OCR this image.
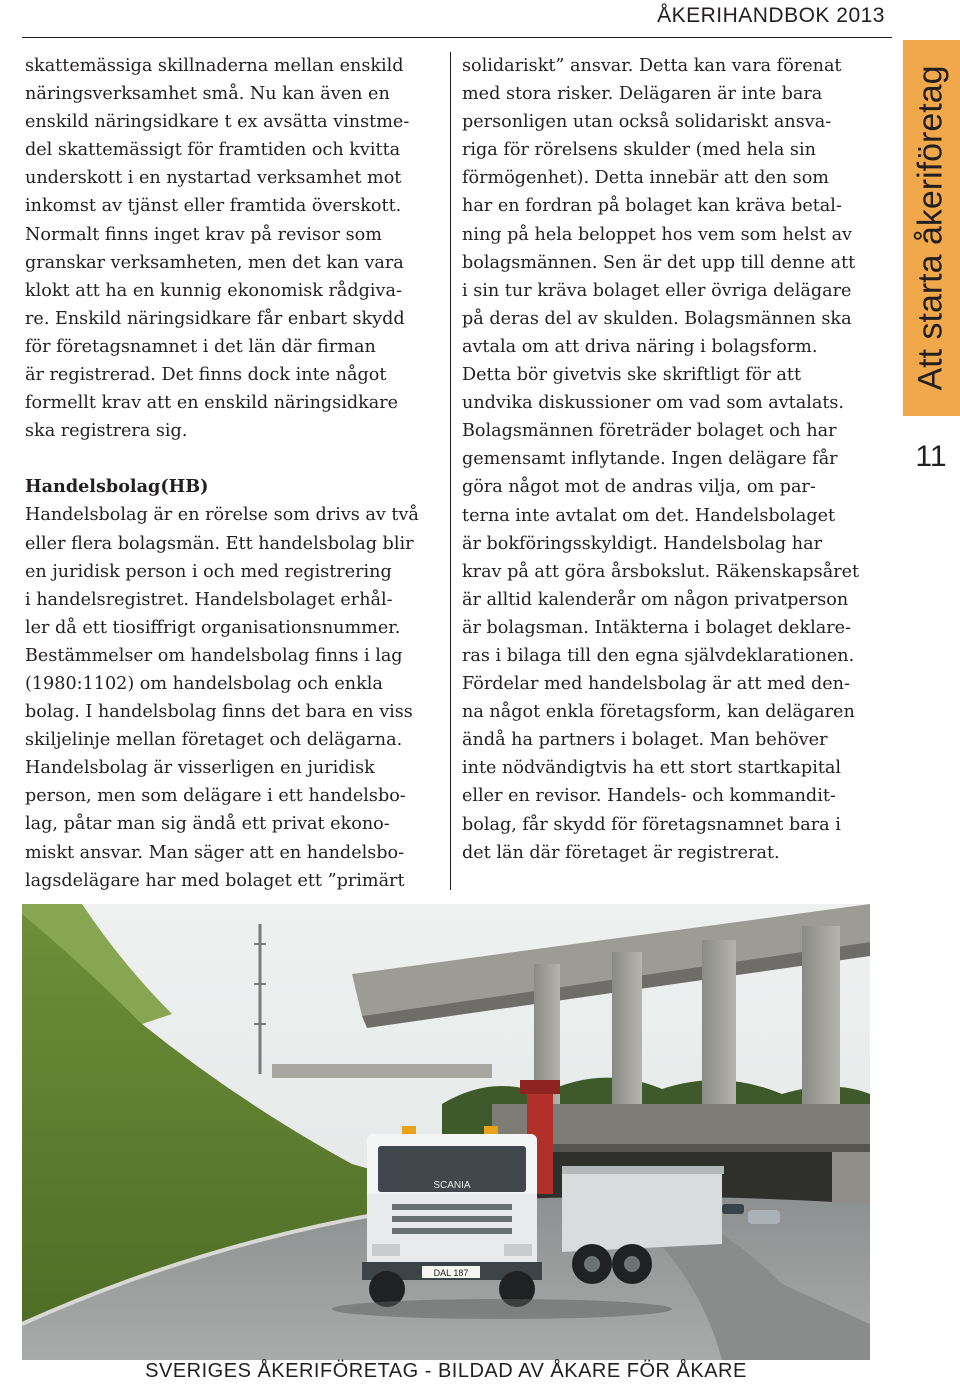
ÅKERIHANDBOK 2013
Att starta åkeriföretag
11

skattemässiga skillnaderna mellan enskild

näringsverksamhet små. Nu kan även en

enskild näringsidkare t ex avsätta vinstme-

del skattemässigt för framtiden och kvitta

underskott i en nystartad verksamhet mot

inkomst av tjänst eller framtida överskott.

Normalt finns inget krav på revisor som

granskar verksamheten, men det kan vara

klokt att ha en kunnig ekonomisk rådgiva-

re. Enskild näringsidkare får enbart skydd

för företagsnamnet i det län där firman

är registrerad. Det finns dock inte något

formellt krav att en enskild näringsidkare

ska registrera sig.

Handelsbolag(HB)

Handelsbolag är en rörelse som drivs av två

eller flera bolagsmän. Ett handelsbolag blir

en juridisk person i och med registrering

i handelsregistret. Handelsbolaget erhål-

ler då ett tiosiffrigt organisationsnummer.

Bestämmelser om handelsbolag finns i lag

(1980:1102) om handelsbolag och enkla

bolag. I handelsbolag finns det bara en viss

skiljelinje mellan företaget och delägarna.

Handelsbolag är visserligen en juridisk

person, men som delägare i ett handelsbo-

lag, påtar man sig ändå ett privat ekono-

miskt ansvar. Man säger att en handelsbo-

lagsdelägare har med bolaget ett ”primärt

solidariskt” ansvar. Detta kan vara förenat

med stora risker. Delägaren är inte bara

personligen utan också solidariskt ansva-

riga för rörelsens skulder (med hela sin

förmögenhet). Detta innebär att den som

har en fordran på bolaget kan kräva betal-

ning på hela beloppet hos vem som helst av

bolagsmännen. Sen är det upp till denne att

i sin tur kräva bolaget eller övriga delägare

på deras del av skulden. Bolagsmännen ska

avtala om att driva näring i bolagsform.

Detta bör givetvis ske skriftligt för att

undvika diskussioner om vad som avtalats.

Bolagsmännen företräder bolaget och har

gemensamt inflytande. Ingen delägare får

göra något mot de andras vilja, om par-

terna inte avtalat om det. Handelsbolaget

är bokföringsskyldigt. Handelsbolag har

krav på att göra årsbokslut. Räkenskapsåret

är alltid kalenderår om någon privatperson

är bolagsman. Intäkterna i bolaget deklare-

ras i bilaga till den egna självdeklarationen.

Fördelar med handelsbolag är att med den-

na något enkla företagsform, kan delägaren

ändå ha partners i bolaget. Man behöver

inte nödvändigtvis ha ett stort startkapital

eller en revisor. Handels- och kommandit-

bolag, får skydd för företagsnamnet bara i

det län där företaget är registrerat.

SCANIA
DAL 187
SVERIGES ÅKERIFÖRETAG - BILDAD AV ÅKARE FÖR ÅKARE
